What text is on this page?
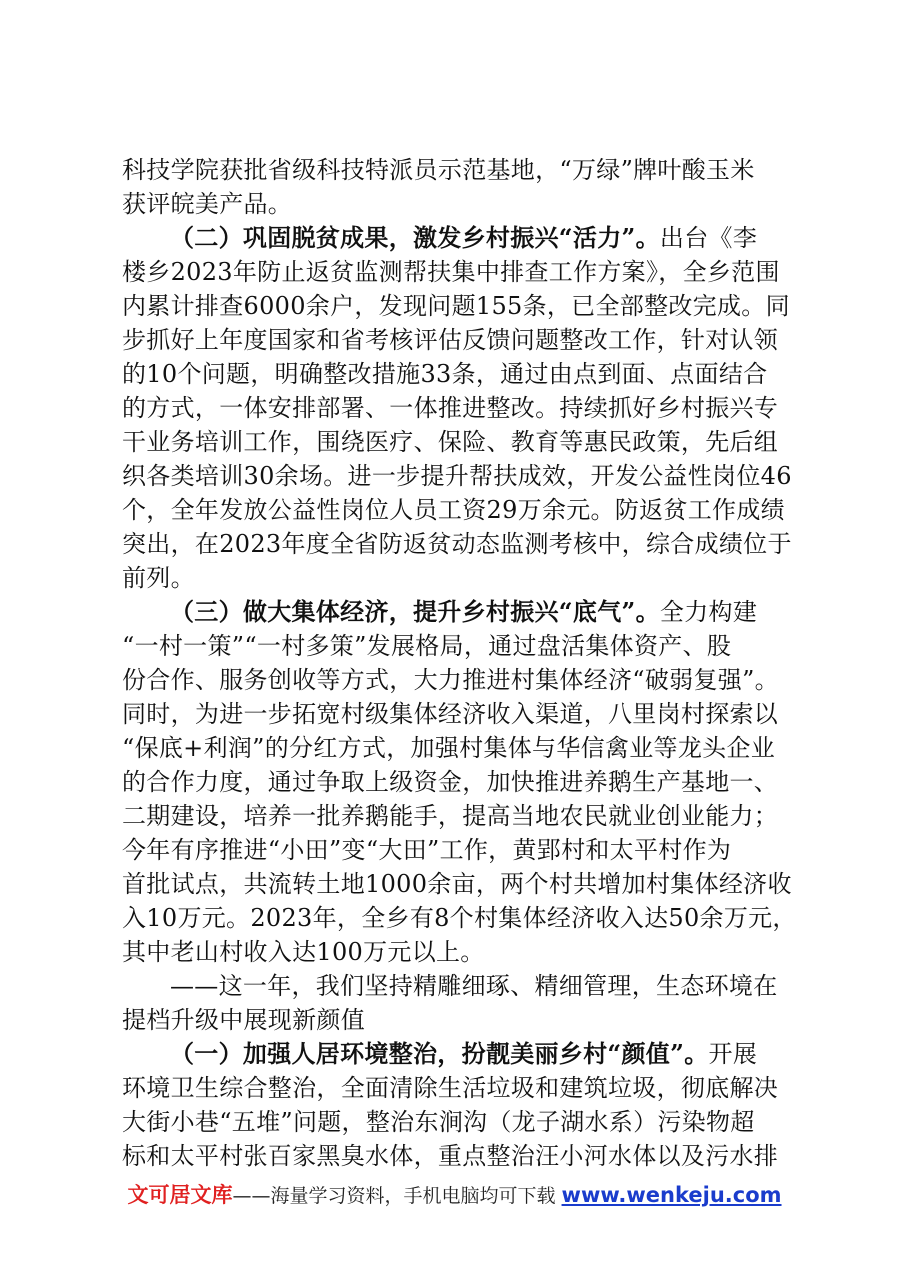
科技学院获批省级科技特派员示范基地，“万绿”牌叶酸玉米
获评皖美产品。
（二）巩固脱贫成果，激发乡村振兴“活力”。出台《李
楼乡2023年防止返贫监测帮扶集中排查工作方案》，全乡范围
内累计排查6000余户，发现问题155条，已全部整改完成。同
步抓好上年度国家和省考核评估反馈问题整改工作，针对认领
的10个问题，明确整改措施33条，通过由点到面、点面结合
的方式，一体安排部署、一体推进整改。持续抓好乡村振兴专
干业务培训工作，围绕医疗、保险、教育等惠民政策，先后组
织各类培训30余场。进一步提升帮扶成效，开发公益性岗位46
个，全年发放公益性岗位人员工资29万余元。防返贫工作成绩
突出，在2023年度全省防返贫动态监测考核中，综合成绩位于
前列。
（三）做大集体经济，提升乡村振兴“底气”。全力构建
“一村一策”“一村多策”发展格局，通过盘活集体资产、股
份合作、服务创收等方式，大力推进村集体经济“破弱复强”。
同时，为进一步拓宽村级集体经济收入渠道，八里岗村探索以
“保底+利润”的分红方式，加强村集体与华信禽业等龙头企业
的合作力度，通过争取上级资金，加快推进养鹅生产基地一、
二期建设，培养一批养鹅能手，提高当地农民就业创业能力；
今年有序推进“小田”变“大田”工作，黄郢村和太平村作为
首批试点，共流转土地1000余亩，两个村共增加村集体经济收
入10万元。2023年，全乡有8个村集体经济收入达50余万元，
其中老山村收入达100万元以上。
——这一年，我们坚持精雕细琢、精细管理，生态环境在
提档升级中展现新颜值
（一）加强人居环境整治，扮靓美丽乡村“颜值”。开展
环境卫生综合整治，全面清除生活垃圾和建筑垃圾，彻底解决
大街小巷“五堆”问题，整治东涧沟（龙子湖水系）污染物超
标和太平村张百家黑臭水体，重点整治汪小河水体以及污水排
文可居文库——海量学习资料，手机电脑均可下载 www.wenkeju.com
